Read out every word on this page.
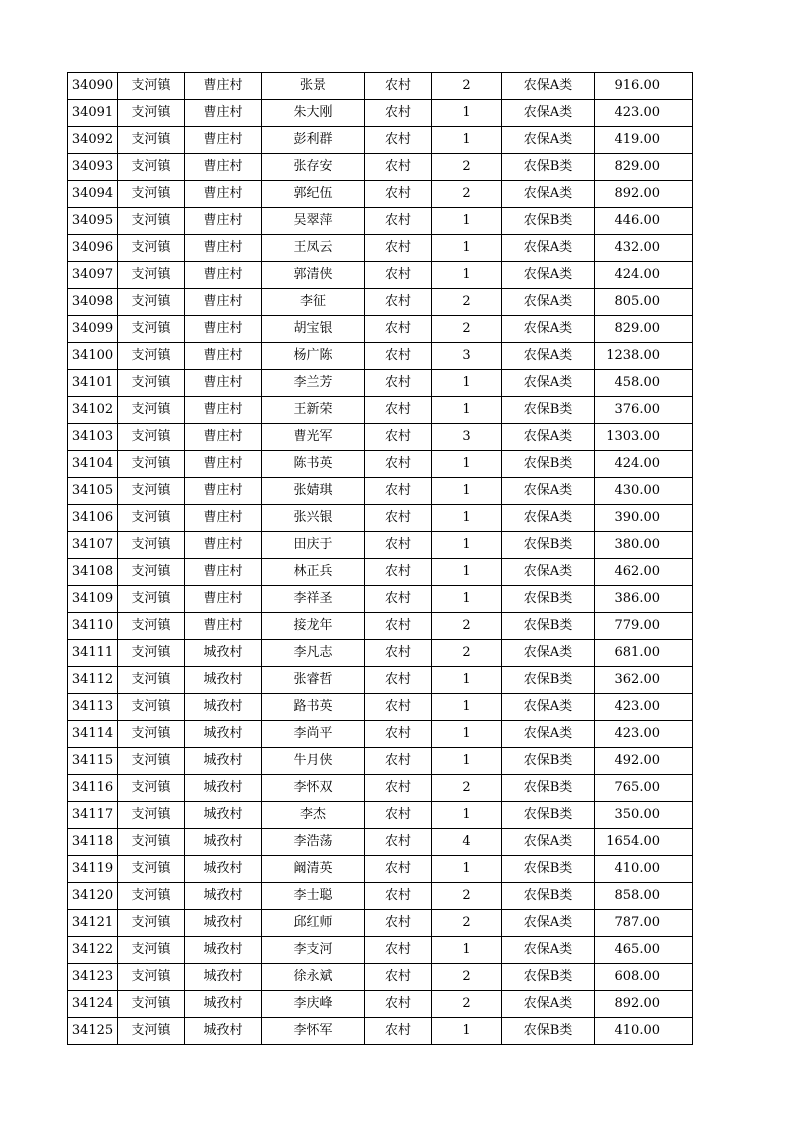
34090	支河镇	曹庄村	张景	农村	2	农保A类	916.00
34091	支河镇	曹庄村	朱大刚	农村	1	农保A类	423.00
34092	支河镇	曹庄村	彭利群	农村	1	农保A类	419.00
34093	支河镇	曹庄村	张存安	农村	2	农保B类	829.00
34094	支河镇	曹庄村	郭纪伍	农村	2	农保A类	892.00
34095	支河镇	曹庄村	吴翠萍	农村	1	农保B类	446.00
34096	支河镇	曹庄村	王凤云	农村	1	农保A类	432.00
34097	支河镇	曹庄村	郭清侠	农村	1	农保A类	424.00
34098	支河镇	曹庄村	李征	农村	2	农保A类	805.00
34099	支河镇	曹庄村	胡宝银	农村	2	农保A类	829.00
34100	支河镇	曹庄村	杨广陈	农村	3	农保A类	1238.00
34101	支河镇	曹庄村	李兰芳	农村	1	农保A类	458.00
34102	支河镇	曹庄村	王新荣	农村	1	农保B类	376.00
34103	支河镇	曹庄村	曹光军	农村	3	农保A类	1303.00
34104	支河镇	曹庄村	陈书英	农村	1	农保B类	424.00
34105	支河镇	曹庄村	张婧琪	农村	1	农保A类	430.00
34106	支河镇	曹庄村	张兴银	农村	1	农保A类	390.00
34107	支河镇	曹庄村	田庆于	农村	1	农保B类	380.00
34108	支河镇	曹庄村	林正兵	农村	1	农保A类	462.00
34109	支河镇	曹庄村	李祥圣	农村	1	农保B类	386.00
34110	支河镇	曹庄村	接龙年	农村	2	农保B类	779.00
34111	支河镇	城孜村	李凡志	农村	2	农保A类	681.00
34112	支河镇	城孜村	张睿哲	农村	1	农保B类	362.00
34113	支河镇	城孜村	路书英	农村	1	农保A类	423.00
34114	支河镇	城孜村	李尚平	农村	1	农保A类	423.00
34115	支河镇	城孜村	牛月侠	农村	1	农保B类	492.00
34116	支河镇	城孜村	李怀双	农村	2	农保B类	765.00
34117	支河镇	城孜村	李杰	农村	1	农保B类	350.00
34118	支河镇	城孜村	李浩荡	农村	4	农保A类	1654.00
34119	支河镇	城孜村	阚清英	农村	1	农保B类	410.00
34120	支河镇	城孜村	李士聪	农村	2	农保B类	858.00
34121	支河镇	城孜村	邱红师	农村	2	农保A类	787.00
34122	支河镇	城孜村	李支河	农村	1	农保A类	465.00
34123	支河镇	城孜村	徐永斌	农村	2	农保B类	608.00
34124	支河镇	城孜村	李庆峰	农村	2	农保A类	892.00
34125	支河镇	城孜村	李怀军	农村	1	农保B类	410.00
